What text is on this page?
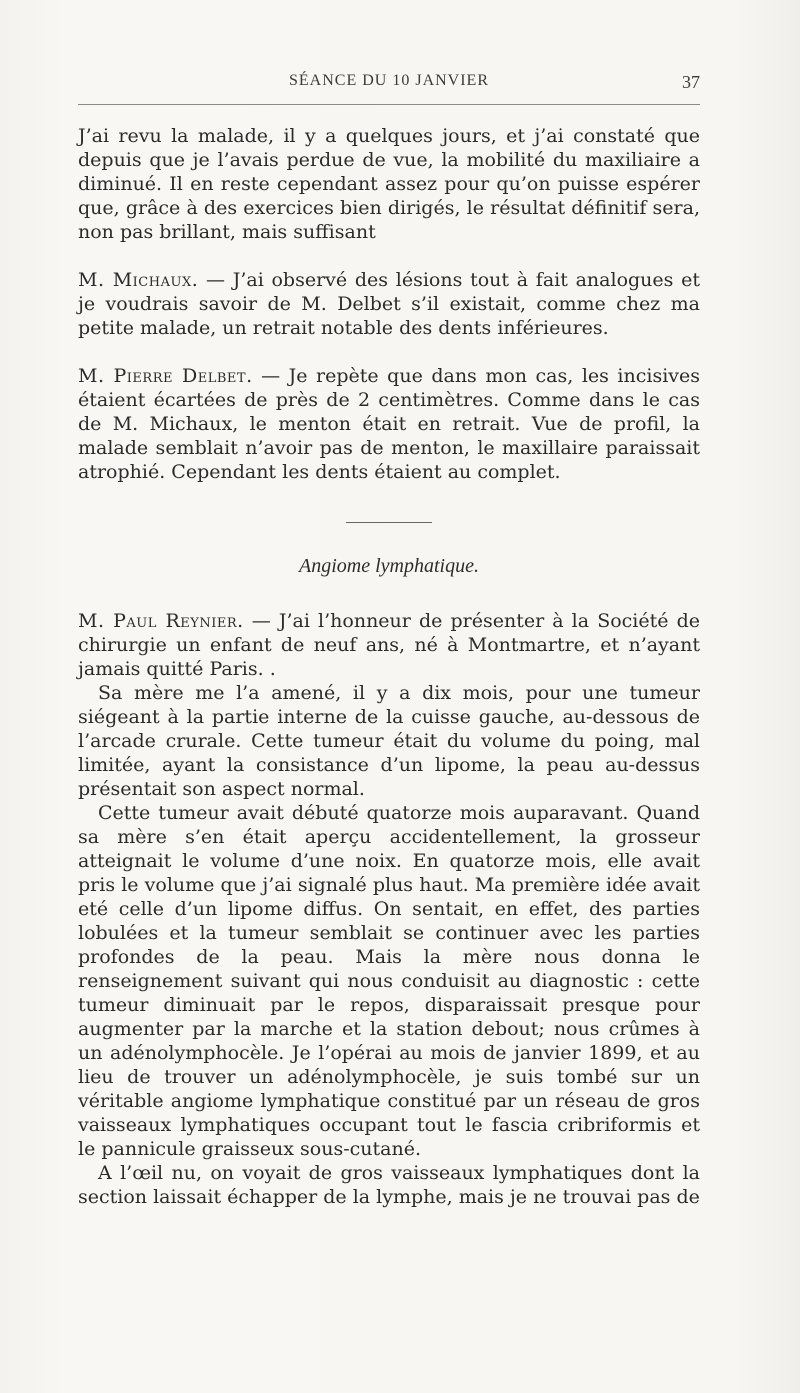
SÉANCE DU 10 JANVIER	37

J’ai revu la malade, il y a quelques jours, et j’ai constaté que depuis que je l’avais perdue de vue, la mobilité du maxiliaire a diminué. Il en reste cependant assez pour qu’on puisse espérer que, grâce à des exercices bien dirigés, le résultat définitif sera, non pas brillant, mais suffisant

M. Michaux. — J’ai observé des lésions tout à fait analogues et je voudrais savoir de M. Delbet s’il existait, comme chez ma petite malade, un retrait notable des dents inférieures.

M. Pierre Delbet. — Je repète que dans mon cas, les incisives étaient écartées de près de 2 centimètres. Comme dans le cas de M. Michaux, le menton était en retrait. Vue de profil, la malade semblait n’avoir pas de menton, le maxillaire paraissait atrophié. Cependant les dents étaient au complet.

Angiome lymphatique.

M. Paul Reynier. — J’ai l’honneur de présenter à la Société de chirurgie un enfant de neuf ans, né à Montmartre, et n’ayant jamais quitté Paris. .

Sa mère me l’a amené, il y a dix mois, pour une tumeur siégeant à la partie interne de la cuisse gauche, au-dessous de l’arcade crurale. Cette tumeur était du volume du poing, mal limitée, ayant la consistance d’un lipome, la peau au-dessus présentait son aspect normal.

Cette tumeur avait débuté quatorze mois auparavant. Quand sa mère s’en était aperçu accidentellement, la grosseur atteignait le volume d’une noix. En quatorze mois, elle avait pris le volume que j’ai signalé plus haut. Ma première idée avait eté celle d’un lipome diffus. On sentait, en effet, des parties lobulées et la tumeur semblait se continuer avec les parties profondes de la peau. Mais la mère nous donna le renseignement suivant qui nous conduisit au diagnostic : cette tumeur diminuait par le repos, disparaissait presque pour augmenter par la marche et la station debout; nous crûmes à un adénolymphocèle. Je l’opérai au mois de janvier 1899, et au lieu de trouver un adénolymphocèle, je suis tombé sur un véritable angiome lymphatique constitué par un réseau de gros vaisseaux lymphatiques occupant tout le fascia cribriformis et le pannicule graisseux sous-cutané.

A l’œil nu, on voyait de gros vaisseaux lymphatiques dont la section laissait échapper de la lymphe, mais je ne trouvai pas de
